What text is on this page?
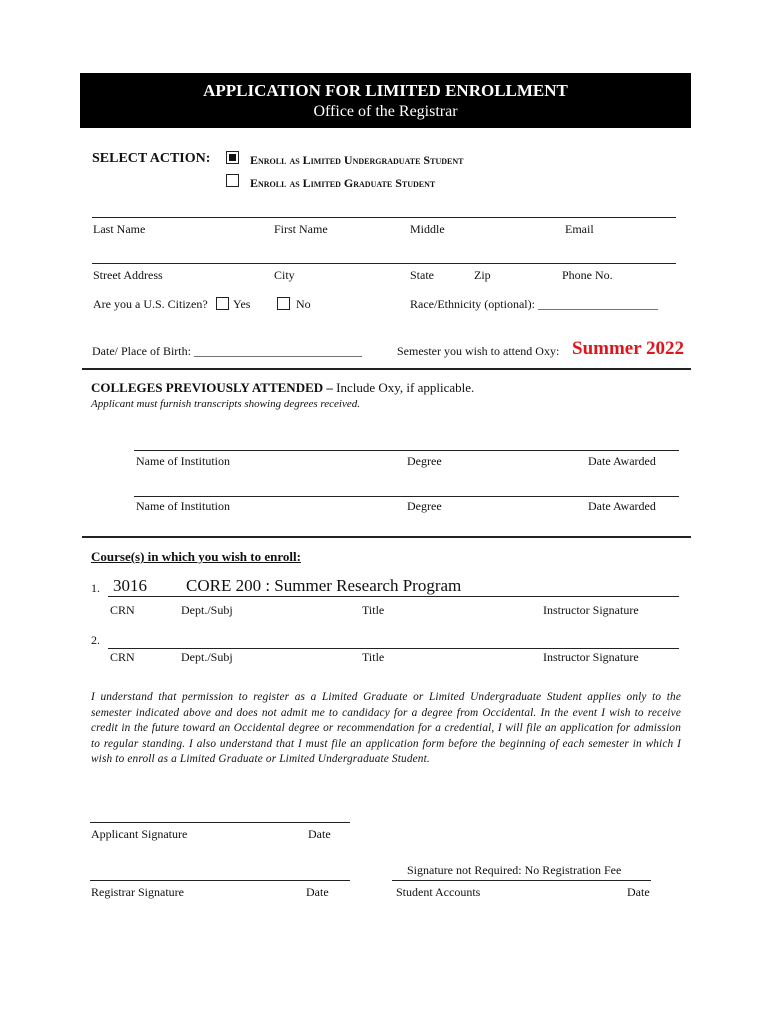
APPLICATION FOR LIMITED ENROLLMENT
Office of the Registrar
SELECT ACTION:	Enroll as Limited Undergraduate Student
Enroll as Limited Graduate Student
Last Name	First Name	Middle	Email
Street Address	City	State	Zip	Phone No.
Are you a U.S. Citizen? Yes	No	Race/Ethnicity (optional): ____________________
Date/ Place of Birth: ____________________________	Semester you wish to attend Oxy: Summer 2022
COLLEGES PREVIOUSLY ATTENDED – Include Oxy, if applicable.
Applicant must furnish transcripts showing degrees received.
Name of Institution	Degree	Date Awarded
Name of Institution	Degree	Date Awarded
Course(s) in which you wish to enroll:
1. 3016 CORE 200 : Summer Research Program
CRN	Dept./Subj	Title	Instructor Signature
2.
CRN	Dept./Subj	Title	Instructor Signature
I understand that permission to register as a Limited Graduate or Limited Undergraduate Student applies only to the semester indicated above and does not admit me to candidacy for a degree from Occidental. In the event I wish to receive credit in the future toward an Occidental degree or recommendation for a credential, I will file an application for admission to regular standing. I also understand that I must file an application form before the beginning of each semester in which I wish to enroll as a Limited Graduate or Limited Undergraduate Student.
Applicant Signature	Date
Signature not Required: No Registration Fee
Registrar Signature	Date	Student Accounts	Date
